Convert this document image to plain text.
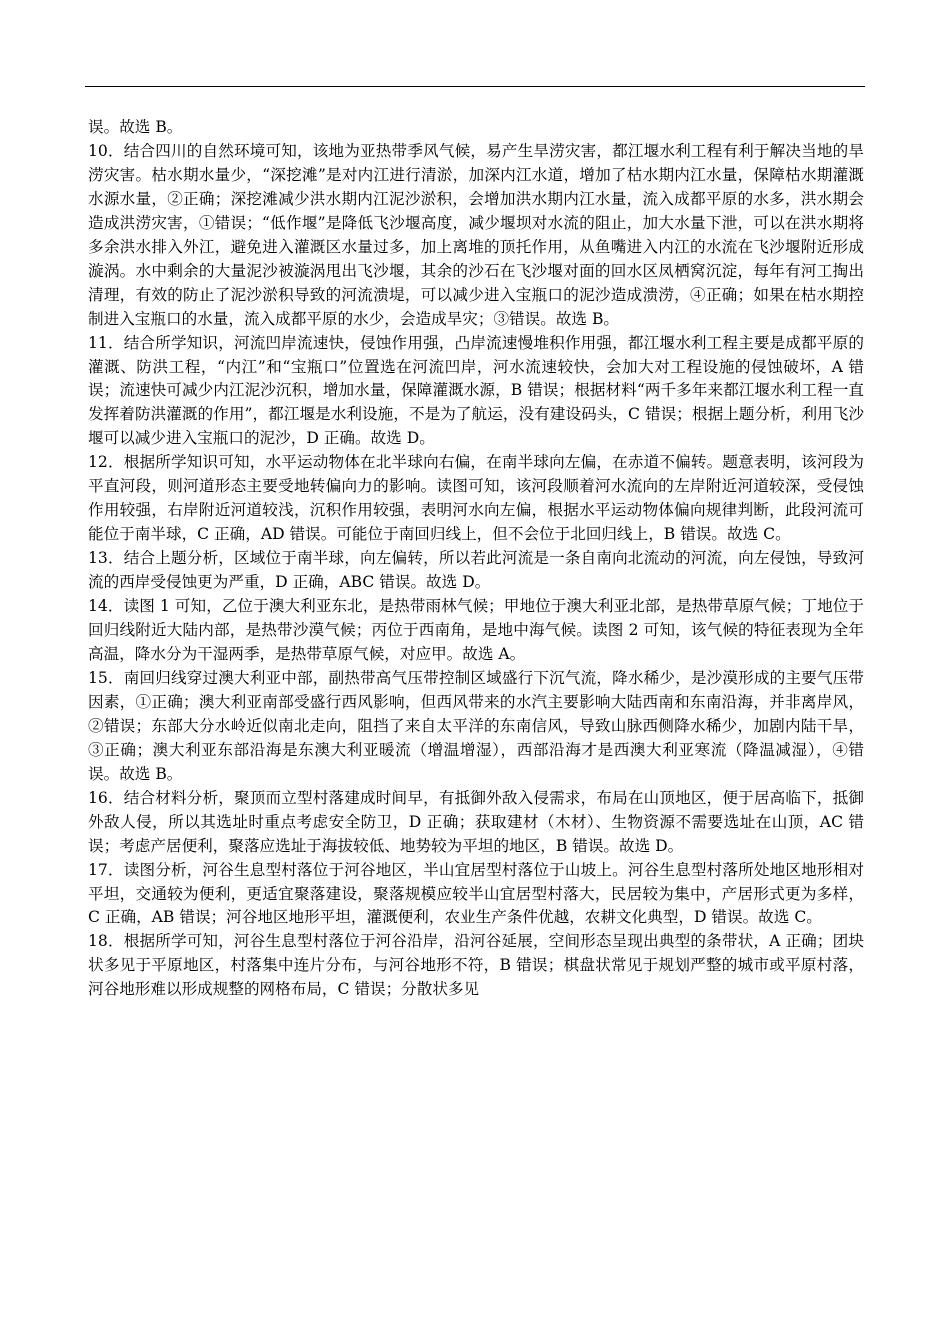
误。故选 B。

10．结合四川的自然环境可知，该地为亚热带季风气候，易产生旱涝灾害，都江堰水利工程有利于解决当地的旱涝灾害。枯水期水量少，“深挖滩”是对内江进行清淤，加深内江水道，增加了枯水期内江水量，保障枯水期灌溉水源水量，②正确；深挖滩减少洪水期内江泥沙淤积，会增加洪水期内江水量，流入成都平原的水多，洪水期会造成洪涝灾害，①错误；“低作堰”是降低飞沙堰高度，减少堰坝对水流的阻止，加大水量下泄，可以在洪水期将多余洪水排入外江，避免进入灌溉区水量过多，加上离堆的顶托作用，从鱼嘴进入内江的水流在飞沙堰附近形成漩涡。水中剩余的大量泥沙被漩涡甩出飞沙堰，其余的沙石在飞沙堰对面的回水区凤栖窝沉淀，每年有河工掏出清理，有效的防止了泥沙淤积导致的河流溃堤，可以减少进入宝瓶口的泥沙造成溃涝，④正确；如果在枯水期控制进入宝瓶口的水量，流入成都平原的水少，会造成旱灾；③错误。故选 B。

11．结合所学知识，河流凹岸流速快，侵蚀作用强，凸岸流速慢堆积作用强，都江堰水利工程主要是成都平原的灌溉、防洪工程，“内江”和“宝瓶口”位置选在河流凹岸，河水流速较快，会加大对工程设施的侵蚀破坏，A 错误；流速快可减少内江泥沙沉积，增加水量，保障灌溉水源，B 错误；根据材料“两千多年来都江堰水利工程一直发挥着防洪灌溉的作用”，都江堰是水利设施，不是为了航运，没有建设码头，C 错误；根据上题分析，利用飞沙堰可以减少进入宝瓶口的泥沙，D 正确。故选 D。

12．根据所学知识可知，水平运动物体在北半球向右偏，在南半球向左偏，在赤道不偏转。题意表明，该河段为平直河段，则河道形态主要受地转偏向力的影响。读图可知，该河段顺着河水流向的左岸附近河道较深，受侵蚀作用较强，右岸附近河道较浅，沉积作用较强，表明河水向左偏，根据水平运动物体偏向规律判断，此段河流可能位于南半球，C 正确，AD 错误。可能位于南回归线上，但不会位于北回归线上，B 错误。故选 C。

13．结合上题分析，区域位于南半球，向左偏转，所以若此河流是一条自南向北流动的河流，向左侵蚀，导致河流的西岸受侵蚀更为严重，D 正确，ABC 错误。故选 D。

14．读图 1 可知，乙位于澳大利亚东北，是热带雨林气候；甲地位于澳大利亚北部，是热带草原气候；丁地位于回归线附近大陆内部，是热带沙漠气候；丙位于西南角，是地中海气候。读图 2 可知，该气候的特征表现为全年高温，降水分为干湿两季，是热带草原气候，对应甲。故选 A。

15．南回归线穿过澳大利亚中部，副热带高气压带控制区域盛行下沉气流，降水稀少，是沙漠形成的主要气压带因素，①正确；澳大利亚南部受盛行西风影响，但西风带来的水汽主要影响大陆西南和东南沿海，并非离岸风，②错误；东部大分水岭近似南北走向，阻挡了来自太平洋的东南信风，导致山脉西侧降水稀少，加剧内陆干旱，③正确；澳大利亚东部沿海是东澳大利亚暖流（增温增湿），西部沿海才是西澳大利亚寒流（降温减湿），④错误。故选 B。

16．结合材料分析，聚顶而立型村落建成时间早，有抵御外敌入侵需求，布局在山顶地区，便于居高临下，抵御外敌人侵，所以其选址时重点考虑安全防卫，D 正确；获取建材（木材）、生物资源不需要选址在山顶，AC 错误；考虑产居便利，聚落应选址于海拔较低、地势较为平坦的地区，B 错误。故选 D。

17．读图分析，河谷生息型村落位于河谷地区，半山宜居型村落位于山坡上。河谷生息型村落所处地区地形相对平坦，交通较为便利，更适宜聚落建设，聚落规模应较半山宜居型村落大，民居较为集中，产居形式更为多样，C 正确，AB 错误；河谷地区地形平坦，灌溉便利，农业生产条件优越，农耕文化典型，D 错误。故选 C。

18．根据所学可知，河谷生息型村落位于河谷沿岸，沿河谷延展，空间形态呈现出典型的条带状，A 正确；团块状多见于平原地区，村落集中连片分布，与河谷地形不符，B 错误；棋盘状常见于规划严整的城市或平原村落，河谷地形难以形成规整的网格布局，C 错误；分散状多见
